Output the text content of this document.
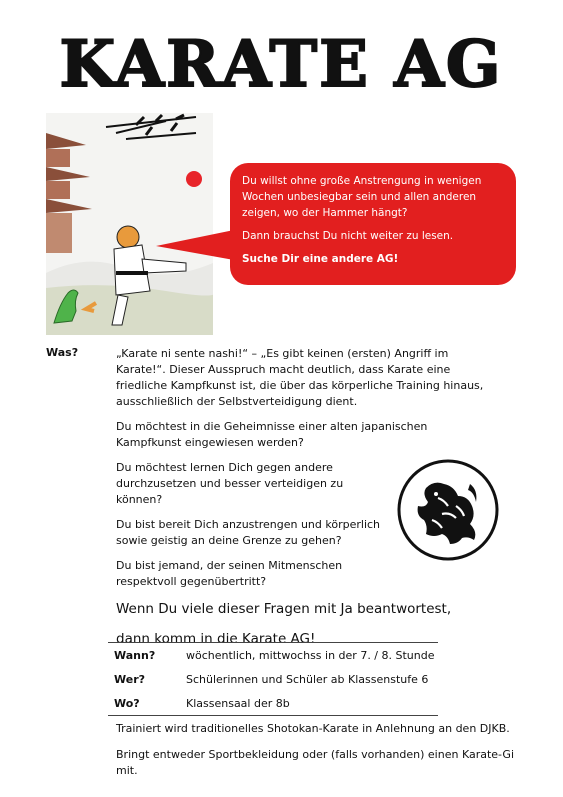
KARATE AG

Du willst ohne große Anstrengung in wenigen Wochen unbesiegbar sein und allen anderen zeigen, wo der Hammer hängt?

Dann brauchst Du nicht weiter zu lesen.

Suche Dir eine andere AG!

Was?	„Karate ni sente nashi!“ – „Es gibt keinen (ersten) Angriff im Karate!“. Dieser Ausspruch macht deutlich, dass Karate eine friedliche Kampfkunst ist, die über das körperliche Training hinaus, ausschließlich der Selbstverteidigung dient.

Du möchtest in die Geheimnisse einer alten japanischen Kampfkunst eingewiesen werden?

Du möchtest lernen Dich gegen andere durchzusetzen und besser verteidigen zu können?

Du bist bereit Dich anzustrengen und körperlich sowie geistig an deine Grenze zu gehen?

Du bist jemand, der seinen Mitmenschen respektvoll gegenübertritt?

Wenn Du viele dieser Fragen mit Ja beantwortest,

dann komm in die Karate AG!

Wann?	wöchentlich, mittwochss in der 7. / 8. Stunde
Wer?	Schülerinnen und Schüler ab Klassenstufe 6
Wo?	Klassensaal der 8b

Trainiert wird traditionelles Shotokan-Karate in Anlehnung an den DJKB.

Bringt entweder Sportbekleidung oder (falls vorhanden) einen Karate-Gi mit.
